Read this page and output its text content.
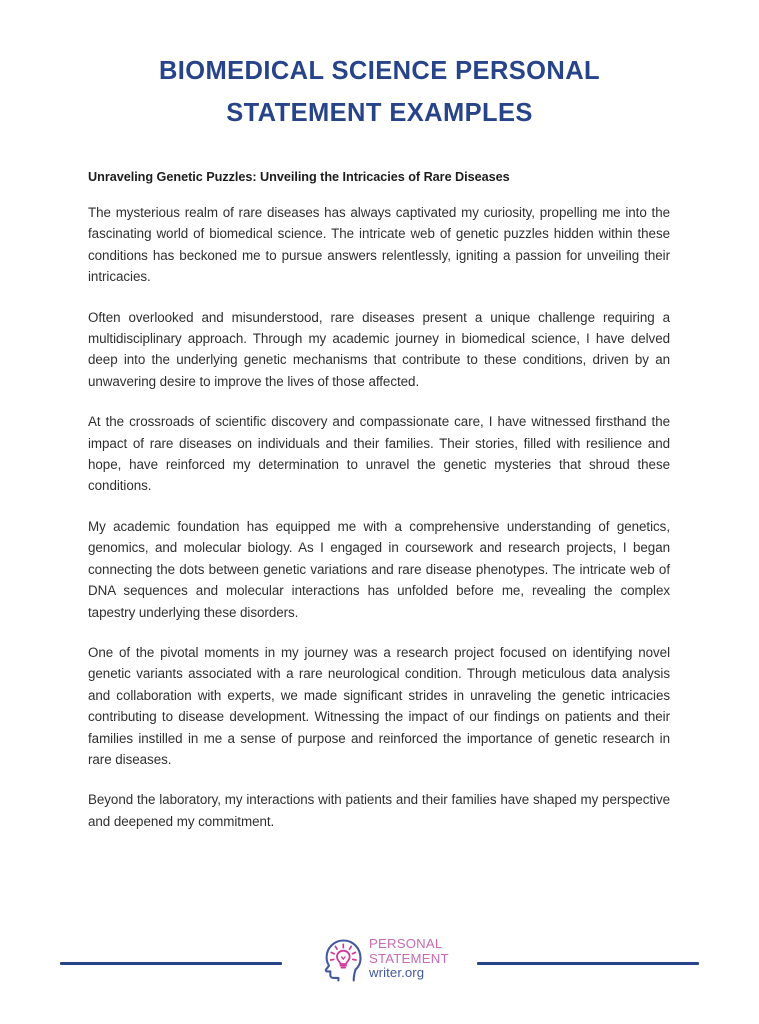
BIOMEDICAL SCIENCE PERSONAL
STATEMENT EXAMPLES

Unraveling Genetic Puzzles: Unveiling the Intricacies of Rare Diseases

The mysterious realm of rare diseases has always captivated my curiosity, propelling me into the fascinating world of biomedical science. The intricate web of genetic puzzles hidden within these conditions has beckoned me to pursue answers relentlessly, igniting a passion for unveiling their intricacies.

Often overlooked and misunderstood, rare diseases present a unique challenge requiring a multidisciplinary approach. Through my academic journey in biomedical science, I have delved deep into the underlying genetic mechanisms that contribute to these conditions, driven by an unwavering desire to improve the lives of those affected.

At the crossroads of scientific discovery and compassionate care, I have witnessed firsthand the impact of rare diseases on individuals and their families. Their stories, filled with resilience and hope, have reinforced my determination to unravel the genetic mysteries that shroud these conditions.

My academic foundation has equipped me with a comprehensive understanding of genetics, genomics, and molecular biology. As I engaged in coursework and research projects, I began connecting the dots between genetic variations and rare disease phenotypes. The intricate web of DNA sequences and molecular interactions has unfolded before me, revealing the complex tapestry underlying these disorders.

One of the pivotal moments in my journey was a research project focused on identifying novel genetic variants associated with a rare neurological condition. Through meticulous data analysis and collaboration with experts, we made significant strides in unraveling the genetic intricacies contributing to disease development. Witnessing the impact of our findings on patients and their families instilled in me a sense of purpose and reinforced the importance of genetic research in rare diseases.

Beyond the laboratory, my interactions with patients and their families have shaped my perspective and deepened my commitment.

PERSONAL
STATEMENT
writer.org
